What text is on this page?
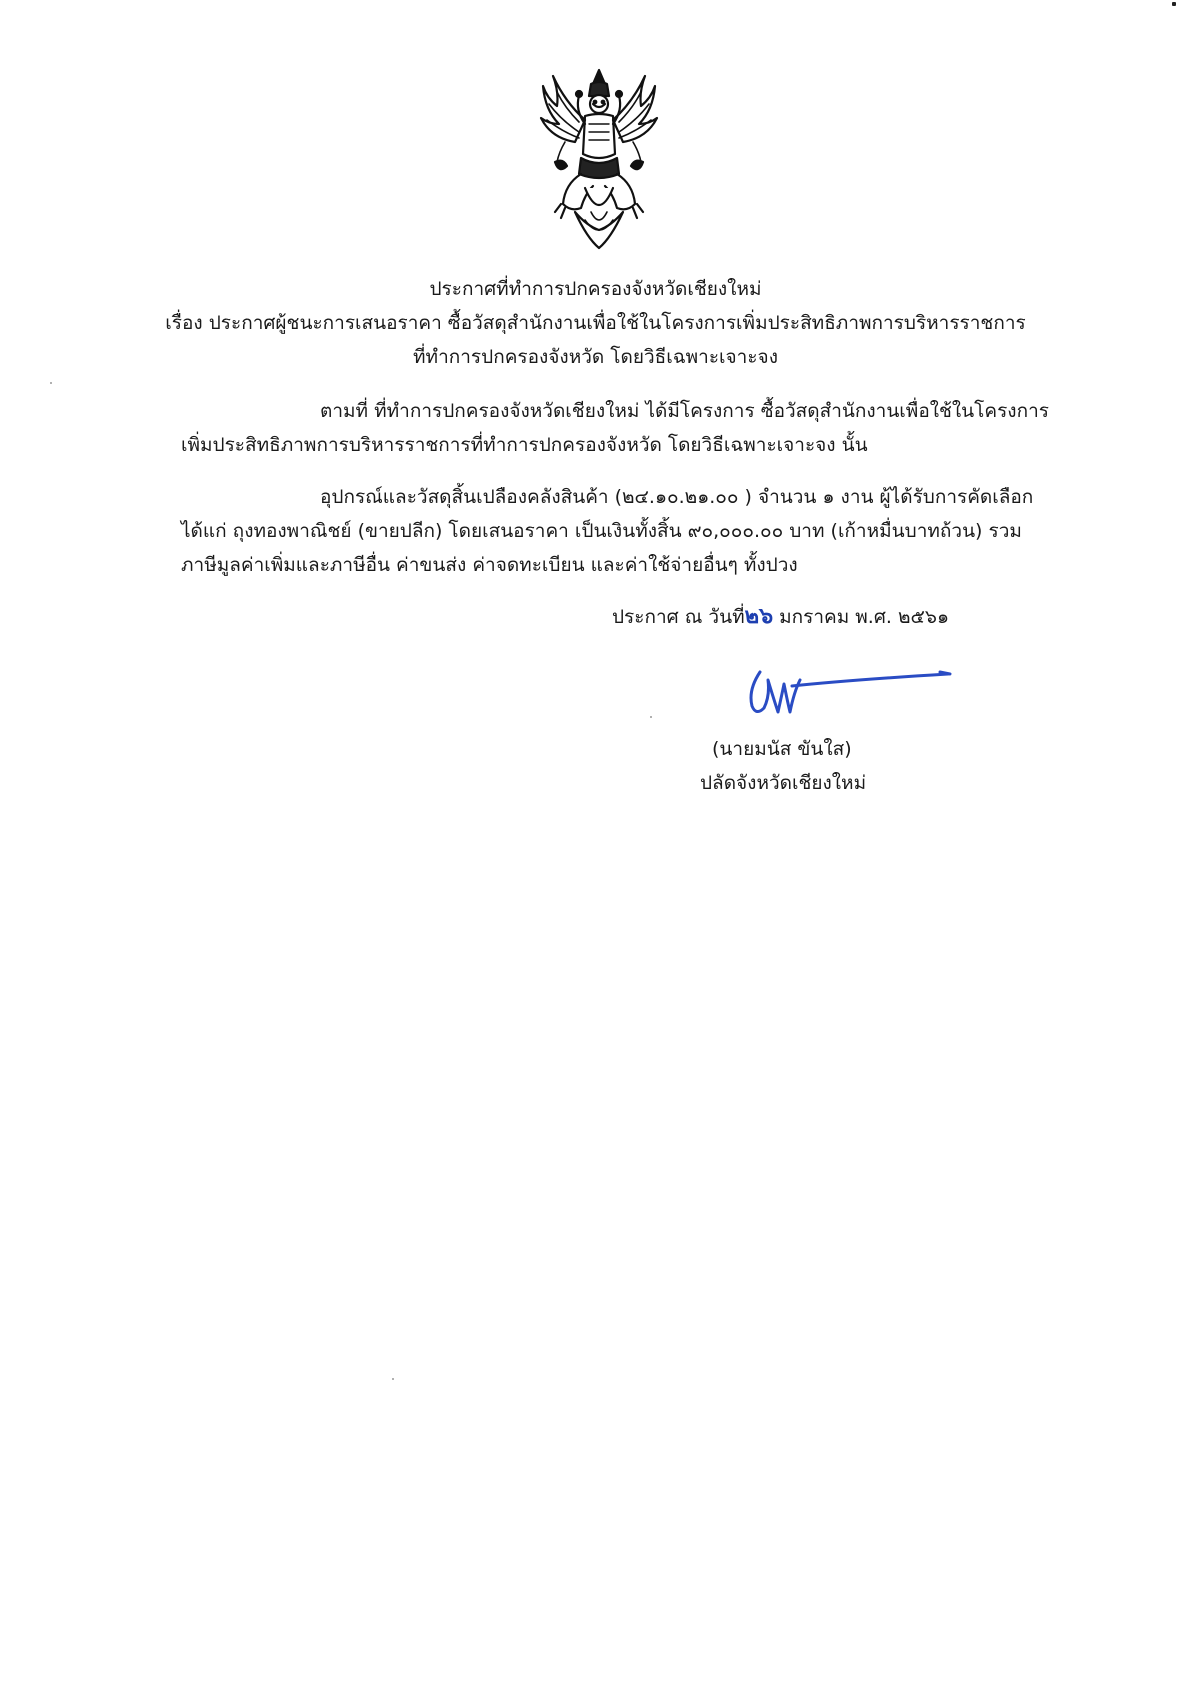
ประกาศที่ทำการปกครองจังหวัดเชียงใหม่
เรื่อง ประกาศผู้ชนะการเสนอราคา ซื้อวัสดุสำนักงานเพื่อใช้ในโครงการเพิ่มประสิทธิภาพการบริหารราชการ
ที่ทำการปกครองจังหวัด โดยวิธีเฉพาะเจาะจง
ตามที่ ที่ทำการปกครองจังหวัดเชียงใหม่ ได้มีโครงการ ซื้อวัสดุสำนักงานเพื่อใช้ในโครงการ
เพิ่มประสิทธิภาพการบริหารราชการที่ทำการปกครองจังหวัด โดยวิธีเฉพาะเจาะจง นั้น
อุปกรณ์และวัสดุสิ้นเปลืองคลังสินค้า (๒๔.๑๐.๒๑.๐๐ ) จำนวน ๑ งาน ผู้ได้รับการคัดเลือก
ได้แก่ ถุงทองพาณิชย์ (ขายปลีก) โดยเสนอราคา เป็นเงินทั้งสิ้น ๙๐,๐๐๐.๐๐ บาท (เก้าหมื่นบาทถ้วน) รวม
ภาษีมูลค่าเพิ่มและภาษีอื่น ค่าขนส่ง ค่าจดทะเบียน และค่าใช้จ่ายอื่นๆ ทั้งปวง
ประกาศ ณ วันที่๒๖ มกราคม พ.ศ. ๒๕๖๑
(นายมนัส ขันใส)
ปลัดจังหวัดเชียงใหม่
